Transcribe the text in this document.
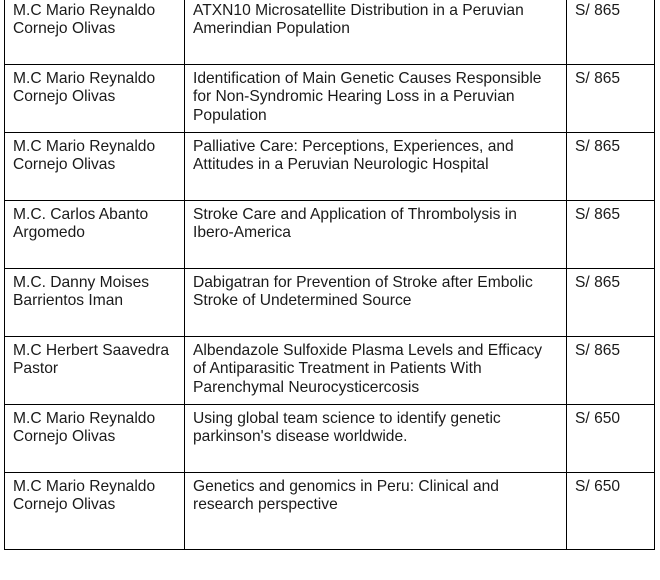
M.C Mario Reynaldo Cornejo Olivas	ATXN10 Microsatellite Distribution in a Peruvian Amerindian Population	S/ 865
M.C Mario Reynaldo Cornejo Olivas	Identification of Main Genetic Causes Responsible for Non-Syndromic Hearing Loss in a Peruvian Population	S/ 865
M.C Mario Reynaldo Cornejo Olivas	Palliative Care: Perceptions, Experiences, and Attitudes in a Peruvian Neurologic Hospital	S/ 865
M.C. Carlos Abanto Argomedo	Stroke Care and Application of Thrombolysis in Ibero-America	S/ 865
M.C. Danny Moises Barrientos Iman	Dabigatran for Prevention of Stroke after Embolic Stroke of Undetermined Source	S/ 865
M.C Herbert Saavedra Pastor	Albendazole Sulfoxide Plasma Levels and Efficacy of Antiparasitic Treatment in Patients With Parenchymal Neurocysticercosis	S/ 865
M.C Mario Reynaldo Cornejo Olivas	Using global team science to identify genetic parkinson's disease worldwide.	S/ 650
M.C Mario Reynaldo Cornejo Olivas	Genetics and genomics in Peru: Clinical and research perspective	S/ 650
